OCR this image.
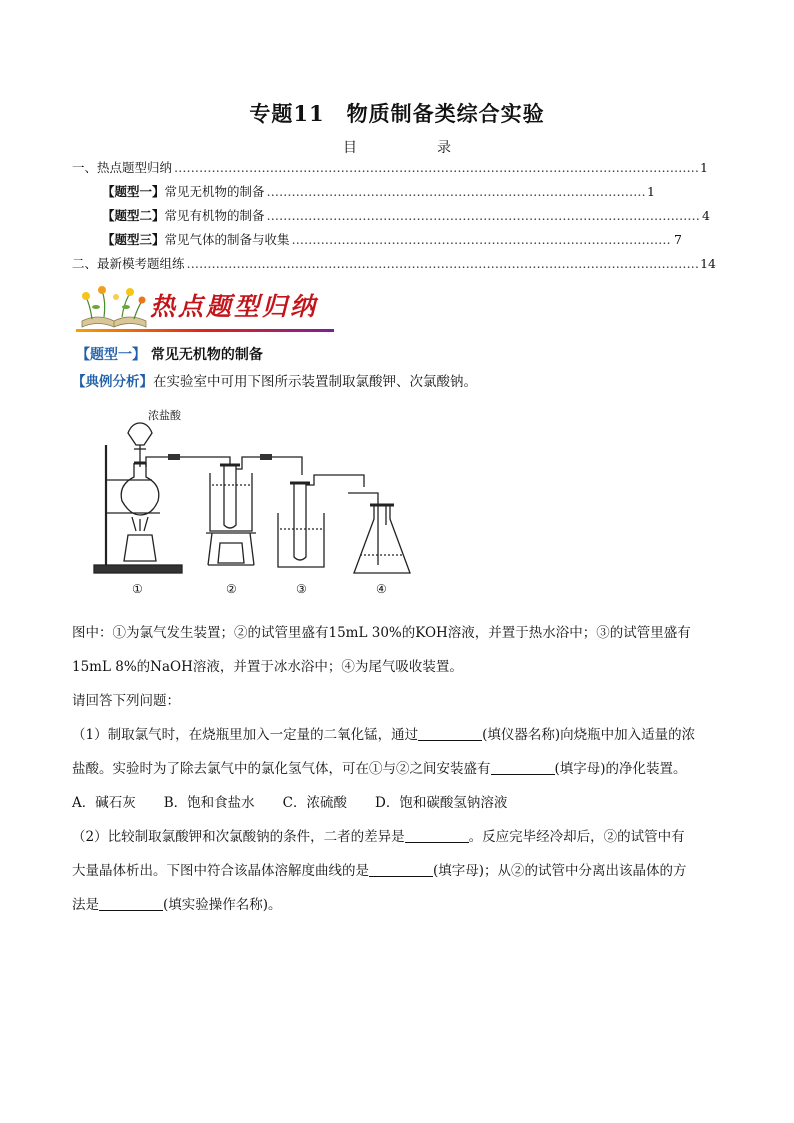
专题11　物质制备类综合实验
目	录
一、热点题型归纳 ……………………………………………………………………………………………………………………………………………………………………………………………………	1
【题型一】 常见无机物的制备 ……………………………………………………………………………………………………………………………………………………………………………………………………	1
【题型二】 常见有机物的制备 ……………………………………………………………………………………………………………………………………………………………………………………………………	4
【题型三】 常见气体的制备与收集 ……………………………………………………………………………………………………………………………………………………………………………………………………	7
二、最新模考题组练 ……………………………………………………………………………………………………………………………………………………………………………………………………	14
热点题型归纳
【题型一】 常见无机物的制备
【典例分析】在实验室中可用下图所示装置制取氯酸钾、次氯酸钠。
浓盐酸
①	②	③	④
图中：①为氯气发生装置；②的试管里盛有15mL 30%的KOH溶液，并置于热水浴中；③的试管里盛有
15mL 8%的NaOH溶液，并置于冰水浴中；④为尾气吸收装置。
请回答下列问题：
（1）制取氯气时，在烧瓶里加入一定量的二氧化锰，通过	(填仪器名称)向烧瓶中加入适量的浓
盐酸。实验时为了除去氯气中的氯化氢气体，可在①与②之间安装盛有	(填字母)的净化装置。
A．碱石灰 B．饱和食盐水 C．浓硫酸 D．饱和碳酸氢钠溶液
（2）比较制取氯酸钾和次氯酸钠的条件，二者的差异是	。反应完毕经冷却后，②的试管中有
大量晶体析出。下图中符合该晶体溶解度曲线的是	(填字母)；从②的试管中分离出该晶体的方
法是	(填实验操作名称)。
